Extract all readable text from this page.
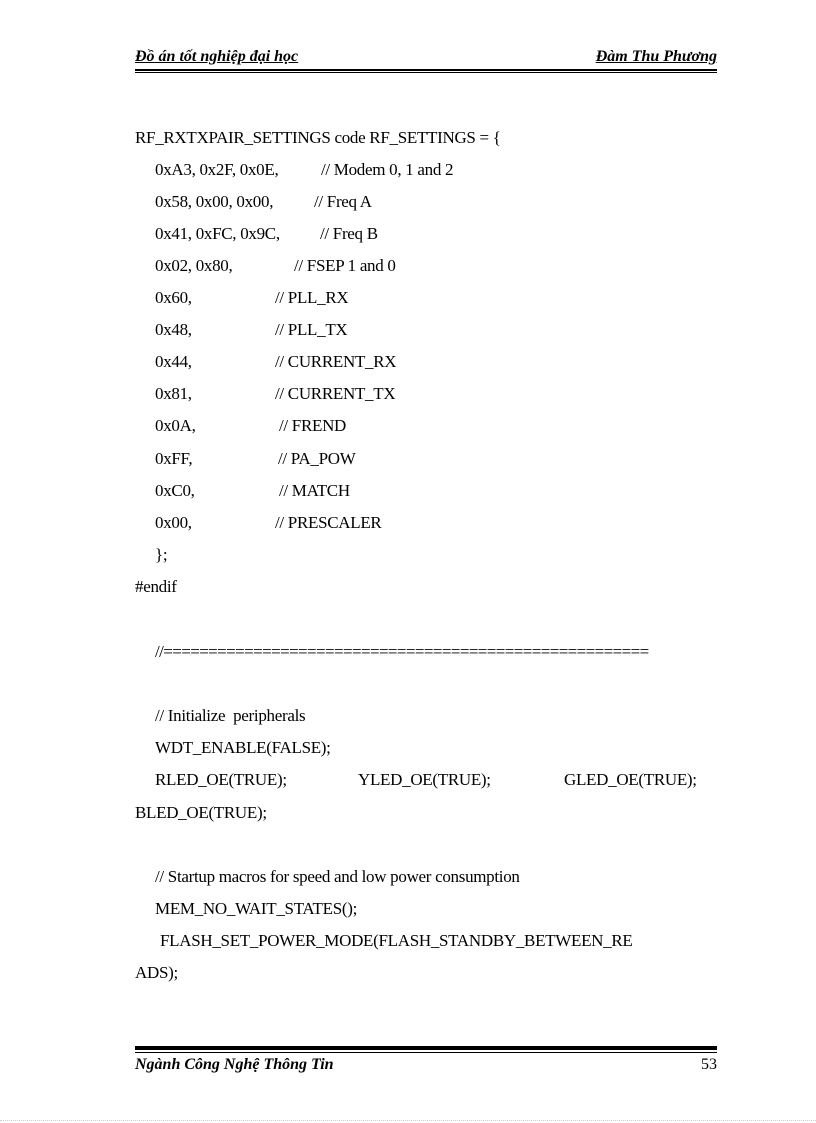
Đồ án tốt nghiệp đại học	Đàm Thu Phương
RF_RXTXPAIR_SETTINGS code RF_SETTINGS = {
0xA3, 0x2F, 0x0E,	// Modem 0, 1 and 2
0x58, 0x00, 0x00, // Freq A
0x41, 0xFC, 0x9C, // Freq B
0x02, 0x80,	// FSEP 1 and 0
0x60,	// PLL_RX
0x48,	// PLL_TX
0x44,	// CURRENT_RX
0x81,	// CURRENT_TX
0x0A,	// FREND
0xFF,	// PA_POW
0xC0,	// MATCH
0x00,	// PRESCALER
};
#endif
//======================================================
// Initialize  peripherals
WDT_ENABLE(FALSE);
RLED_OE(TRUE);	YLED_OE(TRUE);	GLED_OE(TRUE);
BLED_OE(TRUE);
// Startup macros for speed and low power consumption
MEM_NO_WAIT_STATES();
FLASH_SET_POWER_MODE(FLASH_STANDBY_BETWEEN_RE
ADS);
Ngành Công Nghệ Thông Tin	53
